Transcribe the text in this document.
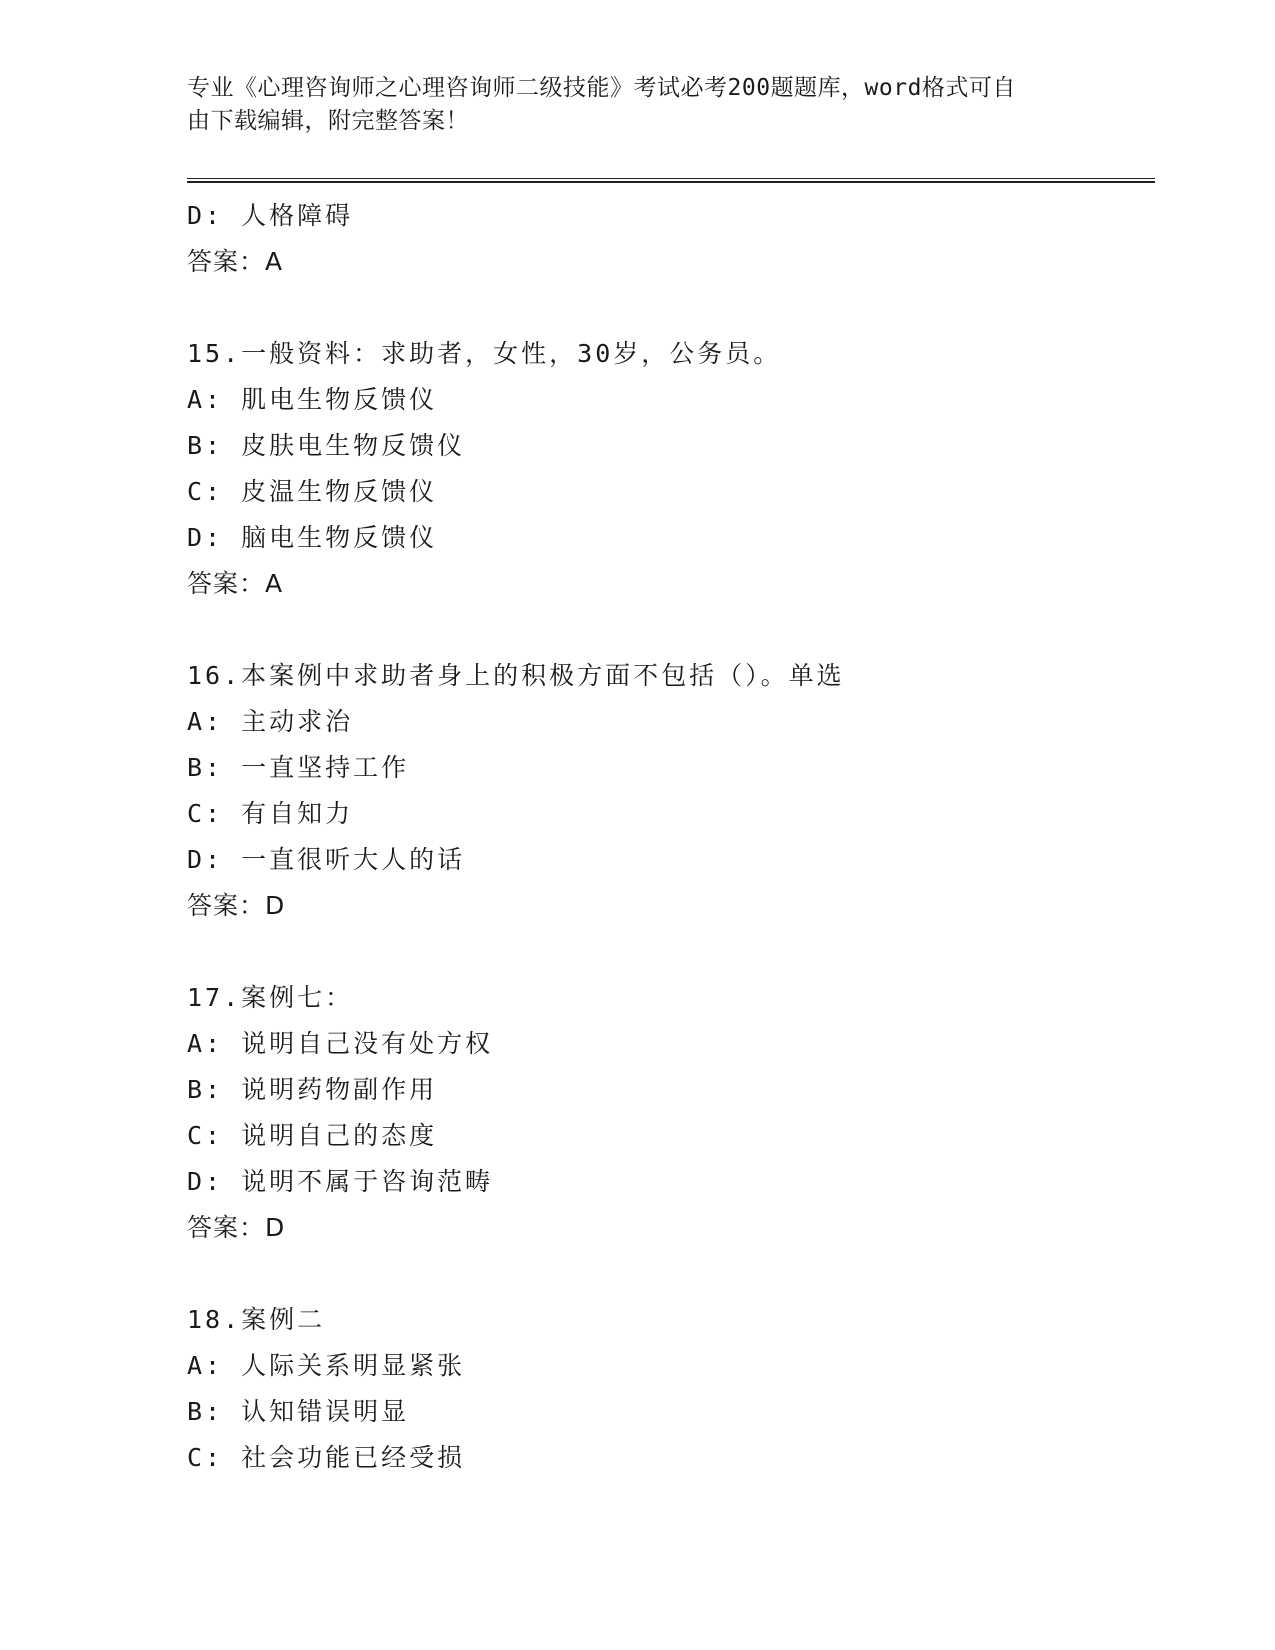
专业《心理咨询师之心理咨询师二级技能》考试必考200题题库，word格式可自

由下载编辑，附完整答案！

D: 人格障碍
答案：A
15.一般资料：求助者，女性，30岁，公务员。
A: 肌电生物反馈仪
B: 皮肤电生物反馈仪
C: 皮温生物反馈仪
D: 脑电生物反馈仪
答案：A
16.本案例中求助者身上的积极方面不包括（）。单选
A: 主动求治
B: 一直坚持工作
C: 有自知力
D: 一直很听大人的话
答案：D
17.案例七：
A: 说明自己没有处方权
B: 说明药物副作用
C: 说明自己的态度
D: 说明不属于咨询范畴
答案：D
18.案例二
A: 人际关系明显紧张
B: 认知错误明显
C: 社会功能已经受损
